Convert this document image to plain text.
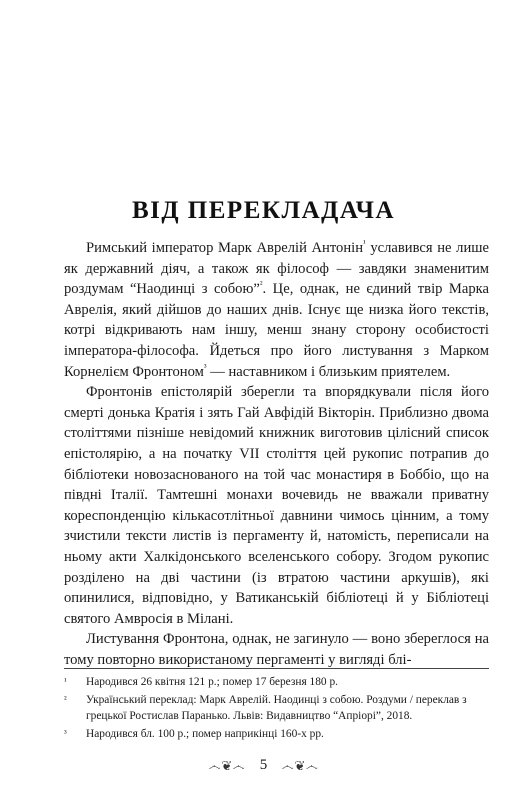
ВІД ПЕРЕКЛАДАЧА

Римський імператор Марк Аврелій Антонін$^{^1}$ уславився не лише як державний діяч, а також як філософ — завдяки знаменитим роздумам “Наодинці з собою”$^{^2}$. Це, однак, не єдиний твір Марка Аврелія, який дійшов до наших днів. Існує ще низка його текстів, котрі відкривають нам іншу, менш знану сторону особистості імператора-філософа. Йдеться про його листування з Марком Корнелієм Фронтоном$^{^3}$ — наставником і близьким приятелем.

Фронтонів епістолярій зберегли та впорядкували після його смерті донька Кратія і зять Гай Авфідій Вікторін. Приблизно двома століттями пізніше невідомий книжник виготовив цілісний список епістолярію, а на початку VII століття цей рукопис потрапив до бібліотеки новозаснованого на той час монастиря в Боббіо, що на півдні Італії. Тамтешні монахи вочевидь не вважали приватну кореспонденцію кількасотлітньої давнини чимось цінним, а тому зчистили тексти листів із пергаменту й, натомість, переписали на ньому акти Халкідонського вселенського собору. Згодом рукопис розділено на дві частини (із втратою частини аркушів), які опинилися, відповідно, у Ватиканській бібліотеці й у Бібліотеці святого Амвросія в Мілані.

Листування Фронтона, однак, не загинуло — воно збереглося на тому повторно використаному пергаменті у вигляді блі-

¹	Народився 26 квітня 121 р.; помер 17 березня 180 р.
²	Український переклад: Марк Аврелій. Наодинці з собою. Роздуми / переклав з грецької Ростислав Паранько. Львів: Видавництво “Апріорі”, 2018.
³	Народився бл. 100 р.; помер наприкінці 160-х рр.
෴❦෴ 5 ෴❦෴
